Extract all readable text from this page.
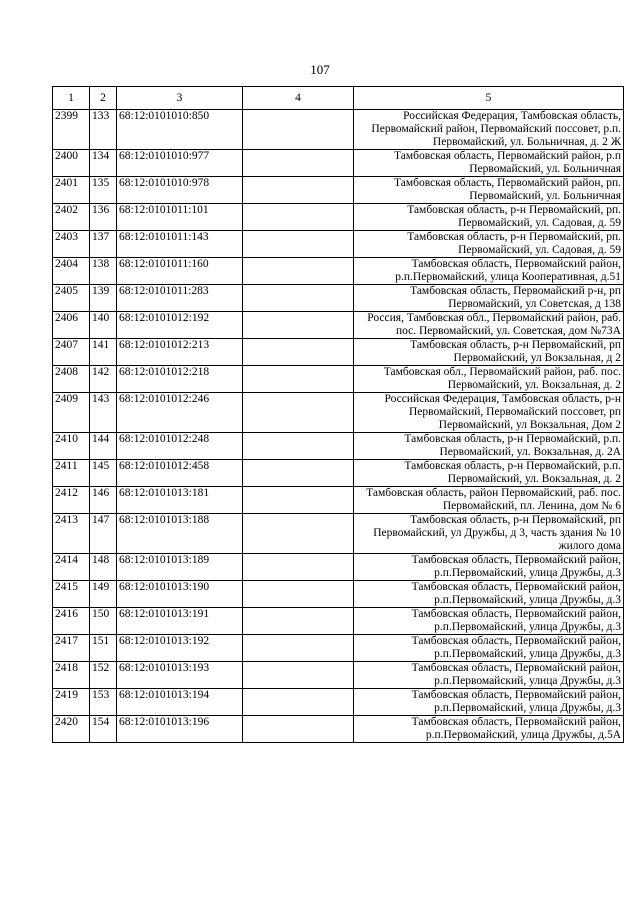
107
1	2	3	4	5
2399	133	68:12:0101010:850		Российская Федерация, Тамбовская область, Первомайский район, Первомайский поссовет, р.п. Первомайский, ул. Больничная, д. 2 Ж
2400	134	68:12:0101010:977		Тамбовская область, Первомайский район, р.п Первомайский, ул. Больничная
2401	135	68:12:0101010:978		Тамбовская область, Первомайский район, рп. Первомайский, ул. Больничная
2402	136	68:12:0101011:101		Тамбовская область, р-н Первомайский, рп. Первомайский, ул. Садовая, д. 59
2403	137	68:12:0101011:143		Тамбовская область, р-н Первомайский, рп. Первомайский, ул. Садовая, д. 59
2404	138	68:12:0101011:160		Тамбовская область, Первомайский район, р.п.Первомайский, улица Кооперативная, д.51
2405	139	68:12:0101011:283		Тамбовская область, Первомайский р-н, рп Первомайский, ул Советская, д 138
2406	140	68:12:0101012:192		Россия, Тамбовская обл., Первомайский район, раб. пос. Первомайский, ул. Советская, дом №73А
2407	141	68:12:0101012:213		Тамбовская область, р-н Первомайский, рп Первомайский, ул Вокзальная, д 2
2408	142	68:12:0101012:218		Тамбовская обл., Первомайский район, раб. пос. Первомайский, ул. Вокзальная, д. 2
2409	143	68:12:0101012:246		Российская Федерация, Тамбовская область, р-н Первомайский, Первомайский поссовет, рп Первомайский, ул Вокзальная, Дом 2
2410	144	68:12:0101012:248		Тамбовская область, р-н Первомайский, р.п. Первомайский, ул. Вокзальная, д. 2А
2411	145	68:12:0101012:458		Тамбовская область, р-н Первомайский, р.п. Первомайский, ул. Вокзальная, д. 2
2412	146	68:12:0101013:181		Тамбовская область, район Первомайский, раб. пос. Первомайский, пл. Ленина, дом № 6
2413	147	68:12:0101013:188		Тамбовская область, р-н Первомайский, рп Первомайский, ул Дружбы, д 3, часть здания № 10 жилого дома
2414	148	68:12:0101013:189		Тамбовская область, Первомайский район, р.п.Первомайский, улица Дружбы, д.3
2415	149	68:12:0101013:190		Тамбовская область, Первомайский район, р.п.Первомайский, улица Дружбы, д.3
2416	150	68:12:0101013:191		Тамбовская область, Первомайский район, р.п.Первомайский, улица Дружбы, д.3
2417	151	68:12:0101013:192		Тамбовская область, Первомайский район, р.п.Первомайский, улица Дружбы, д.3
2418	152	68:12:0101013:193		Тамбовская область, Первомайский район, р.п.Первомайский, улица Дружбы, д.3
2419	153	68:12:0101013:194		Тамбовская область, Первомайский район, р.п.Первомайский, улица Дружбы, д.3
2420	154	68:12:0101013:196		Тамбовская область, Первомайский район, р.п.Первомайский, улица Дружбы, д.5А
